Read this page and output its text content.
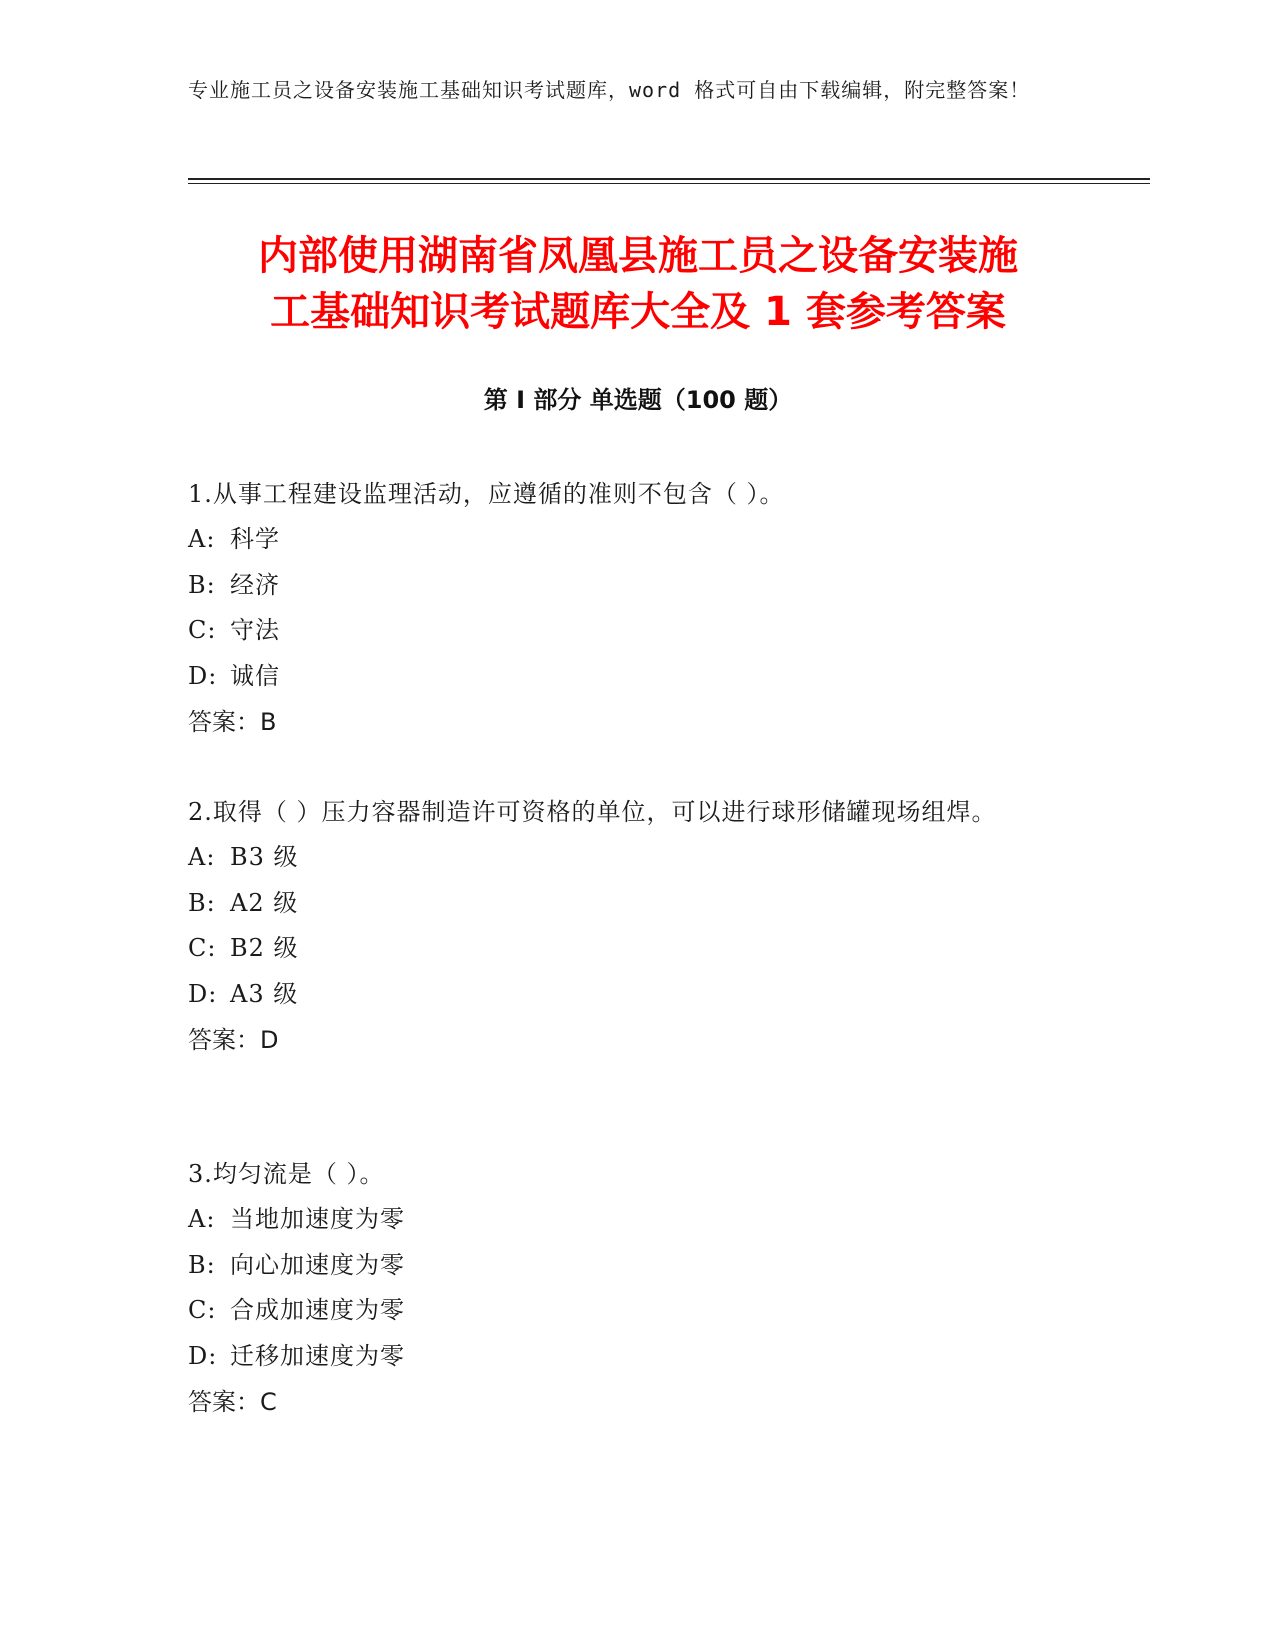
专业施工员之设备安装施工基础知识考试题库，word 格式可自由下载编辑，附完整答案！
内部使用湖南省凤凰县施工员之设备安装施
工基础知识考试题库大全及 1 套参考答案
第 I 部分 单选题（100 题）

1.从事工程建设监理活动，应遵循的准则不包含（ ）。

A: 科学

B: 经济

C: 守法

D: 诚信

答案：B

2.取得（ ）压力容器制造许可资格的单位，可以进行球形储罐现场组焊。

A: B3 级

B: A2 级

C: B2 级

D: A3 级

答案：D

3.均匀流是（ ）。

A: 当地加速度为零

B: 向心加速度为零

C: 合成加速度为零

D: 迁移加速度为零

答案：C
